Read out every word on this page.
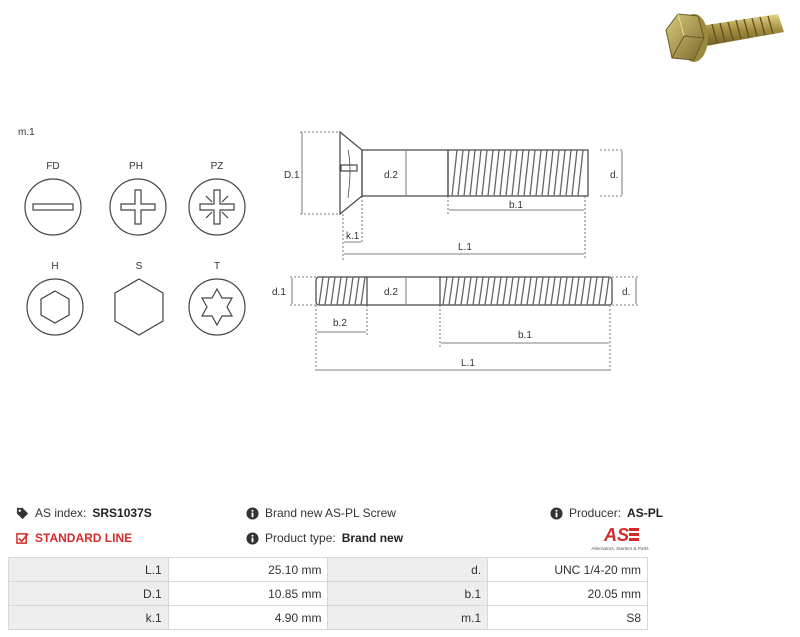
m.1
FD	PH	PZ
H	S	T
D.1	d.2	d.
b.1
k.1
L.1
d.1	d.2	d.
b.2
b.1
L.1
AS index: SRS1037S
STANDARD LINE
Brand new AS-PL Screw
Product type: Brand new
Producer: AS-PL
AS
Alternators, Starters & Parts
L.1	25.10 mm	d.	UNC 1/4-20 mm
D.1	10.85 mm	b.1	20.05 mm
k.1	4.90 mm	m.1	S8
